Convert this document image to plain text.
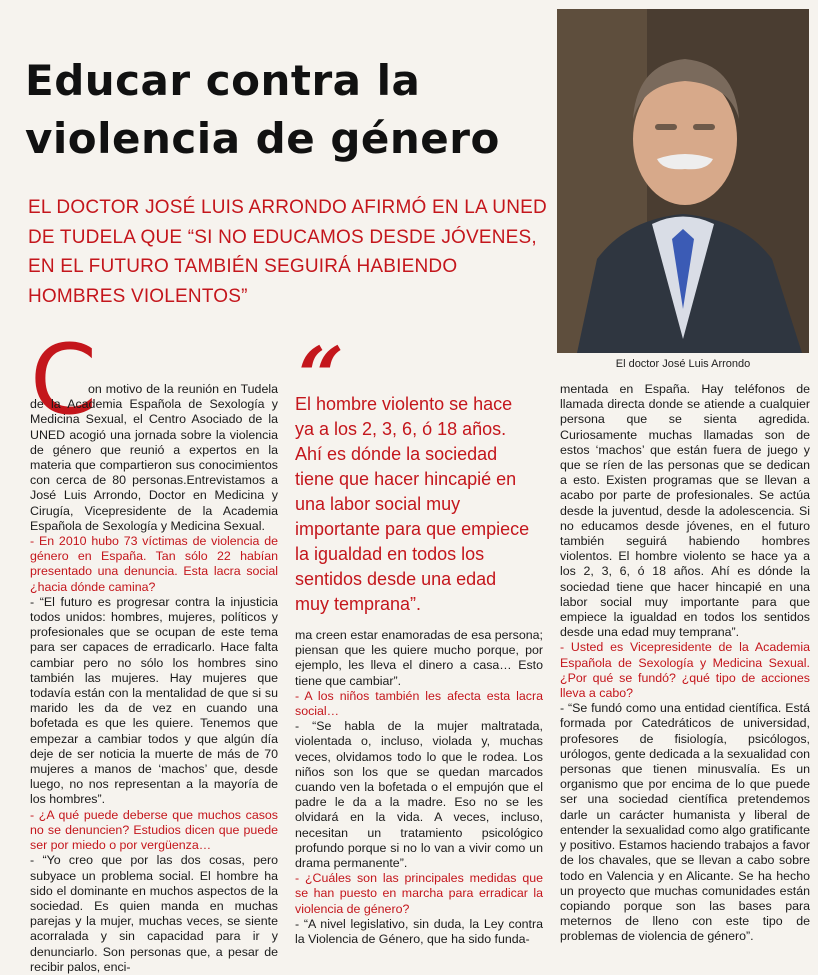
Educar contra la
violencia de género

EL DOCTOR JOSÉ LUIS ARRONDO AFIRMÓ EN LA UNED DE TUDELA QUE “SI NO EDUCAMOS DESDE JÓVENES, EN EL FUTURO TAMBIÉN SEGUIRÁ HABIENDO HOMBRES VIOLENTOS”

El doctor José Luis Arrondo
C

on motivo de la reunión en Tudela de la Academia Española de Sexología y Medicina Sexual, el Centro Asociado de la UNED acogió una jornada sobre la violencia de género que reunió a expertos en la materia que compartieron sus conocimientos con cerca de 80 personas.Entrevistamos a José Luis Arrondo, Doctor en Medicina y Cirugía, Vicepresidente de la Academia Española de Sexología y Medicina Sexual.

- En 2010 hubo 73 víctimas de violencia de género en España. Tan sólo 22 habían presentado una denuncia. Esta lacra social ¿hacia dónde camina?

- “El futuro es progresar contra la injusticia todos unidos: hombres, mujeres, políticos y profesionales que se ocupan de este tema para ser capaces de erradicarlo. Hace falta cambiar pero no sólo los hombres sino también las mujeres. Hay mujeres que todavía están con la mentalidad de que si su marido les da de vez en cuando una bofetada es que les quiere. Tenemos que empezar a cambiar todos y que algún día deje de ser noticia la muerte de más de 70 mujeres a manos de ‘machos’ que, desde luego, no nos representan a la mayoría de los hombres”.

- ¿A qué puede deberse que muchos casos no se denuncien? Estudios dicen que puede ser por miedo o por vergüenza…

- “Yo creo que por las dos cosas, pero subyace un problema social. El hombre ha sido el dominante en muchos aspectos de la sociedad. Es quien manda en muchas parejas y la mujer, muchas veces, se siente acorralada y sin capacidad para ir y denunciarlo. Son personas que, a pesar de recibir palos, enci-

“

El hombre violento se hace ya a los 2, 3, 6, ó 18 años. Ahí es dónde la sociedad tiene que hacer hincapié en una labor social muy importante para que empiece la igualdad en todos los sentidos desde una edad muy temprana”.

ma creen estar enamoradas de esa persona; piensan que les quiere mucho porque, por ejemplo, les lleva el dinero a casa… Esto tiene que cambiar”.

- A los niños también les afecta esta lacra social…

- “Se habla de la mujer maltratada, violentada o, incluso, violada y, muchas veces, olvidamos todo lo que le rodea. Los niños son los que se quedan marcados cuando ven la bofetada o el empujón que el padre le da a la madre. Eso no se les olvidará en la vida. A veces, incluso, necesitan un tratamiento psicológico profundo porque si no lo van a vivir como un drama permanente”.

- ¿Cuáles son las principales medidas que se han puesto en marcha para erradicar la violencia de género?

- “A nivel legislativo, sin duda, la Ley contra la Violencia de Género, que ha sido funda-

mentada en España. Hay teléfonos de llamada directa donde se atiende a cualquier persona que se sienta agredida. Curiosamente muchas llamadas son de estos ‘machos’ que están fuera de juego y que se ríen de las personas que se dedican a esto. Existen programas que se llevan a acabo por parte de profesionales. Se actúa desde la juventud, desde la adolescencia. Si no educamos desde jóvenes, en el futuro también seguirá habiendo hombres violentos. El hombre violento se hace ya a los 2, 3, 6, ó 18 años. Ahí es dónde la sociedad tiene que hacer hincapié en una labor social muy importante para que empiece la igualdad en todos los sentidos desde una edad muy temprana”.

- Usted es Vicepresidente de la Academia Española de Sexología y Medicina Sexual. ¿Por qué se fundó? ¿qué tipo de acciones lleva a cabo?

- “Se fundó como una entidad científica. Está formada por Catedráticos de universidad, profesores de fisiología, psicólogos, urólogos, gente dedicada a la sexualidad con personas que tienen minusvalía. Es un organismo que por encima de lo que puede ser una sociedad científica pretendemos darle un carácter humanista y liberal de entender la sexualidad como algo gratificante y positivo. Estamos haciendo trabajos a favor de los chavales, que se llevan a cabo sobre todo en Valencia y en Alicante. Se ha hecho un proyecto que muchas comunidades están copiando porque son las bases para meternos de lleno con este tipo de problemas de violencia de género”.
